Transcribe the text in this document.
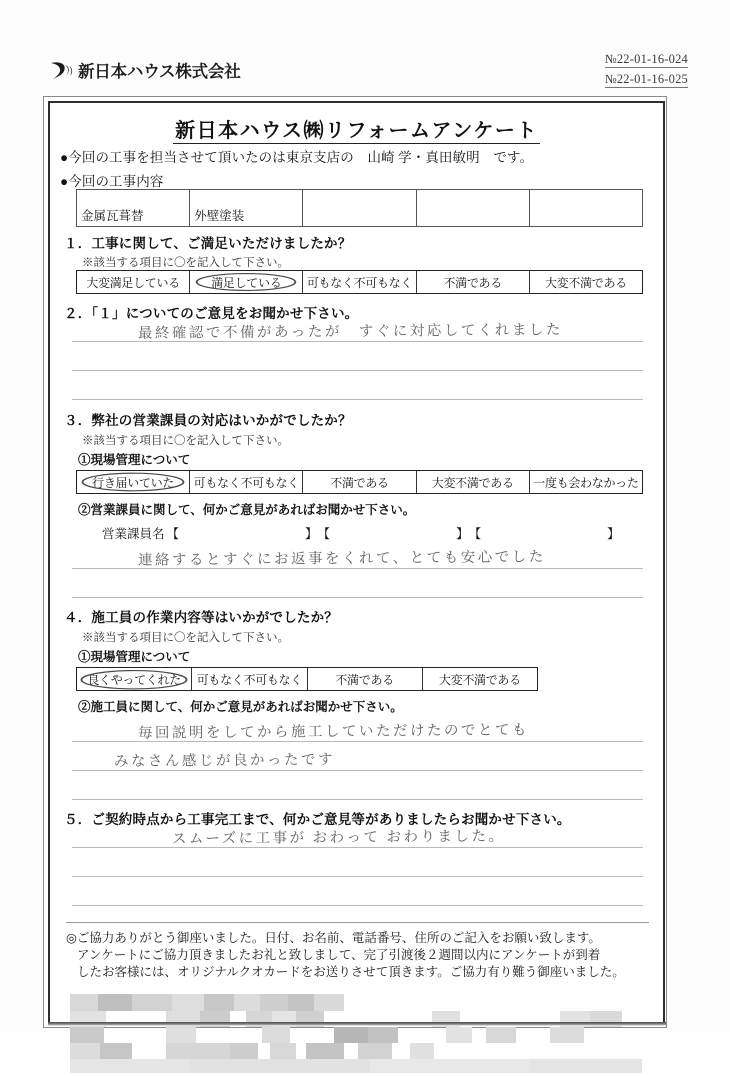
新日本ハウス株式会社
№22-01-16-024
№22-01-16-025
新日本ハウス㈱リフォームアンケート
●今回の工事を担当させて頂いたのは東京支店の　山崎 学・真田敏明　です。
●今回の工事内容
金属瓦葺替	外壁塗装
１．工事に関して、ご満足いただけましたか？
※該当する項目に〇を記入して下さい。
大変満足している	満足している 可もなく不可もなく	不満である	大変不満である
２．「１」についてのご意見をお聞かせ下さい。
最終確認で不備があったが　すぐに対応してくれました
３．弊社の営業課員の対応はいかがでしたか？
※該当する項目に〇を記入して下さい。
①現場管理について
行き届いていた 可もなく不可もなく	不満である	大変不満である 一度も会わなかった
②営業課員に関して、何かご意見があればお聞かせ下さい。
営業課員名 【	】 【	】 【	】
連絡するとすぐにお返事をくれて、とても安心でした
４．施工員の作業内容等はいかがでしたか？
※該当する項目に〇を記入して下さい。
①現場管理について
良くやってくれた 可もなく不可もなく	不満である	大変不満である
②施工員に関して、何かご意見があればお聞かせ下さい。
毎回説明をしてから施工していただけたのでとても
みなさん感じが良かったです
５．ご契約時点から工事完工まで、何かご意見等がありましたらお聞かせ下さい。
スムーズに工事が おわって おわりました。
◎ご協力ありがとう御座いました。日付、お名前、電話番号、住所のご記入をお願い致します。
アンケートにご協力頂きましたお礼と致しまして、完了引渡後２週間以内にアンケートが到着
したお客様には、オリジナルクオカードをお送りさせて頂きます。ご協力有り難う御座いました。
